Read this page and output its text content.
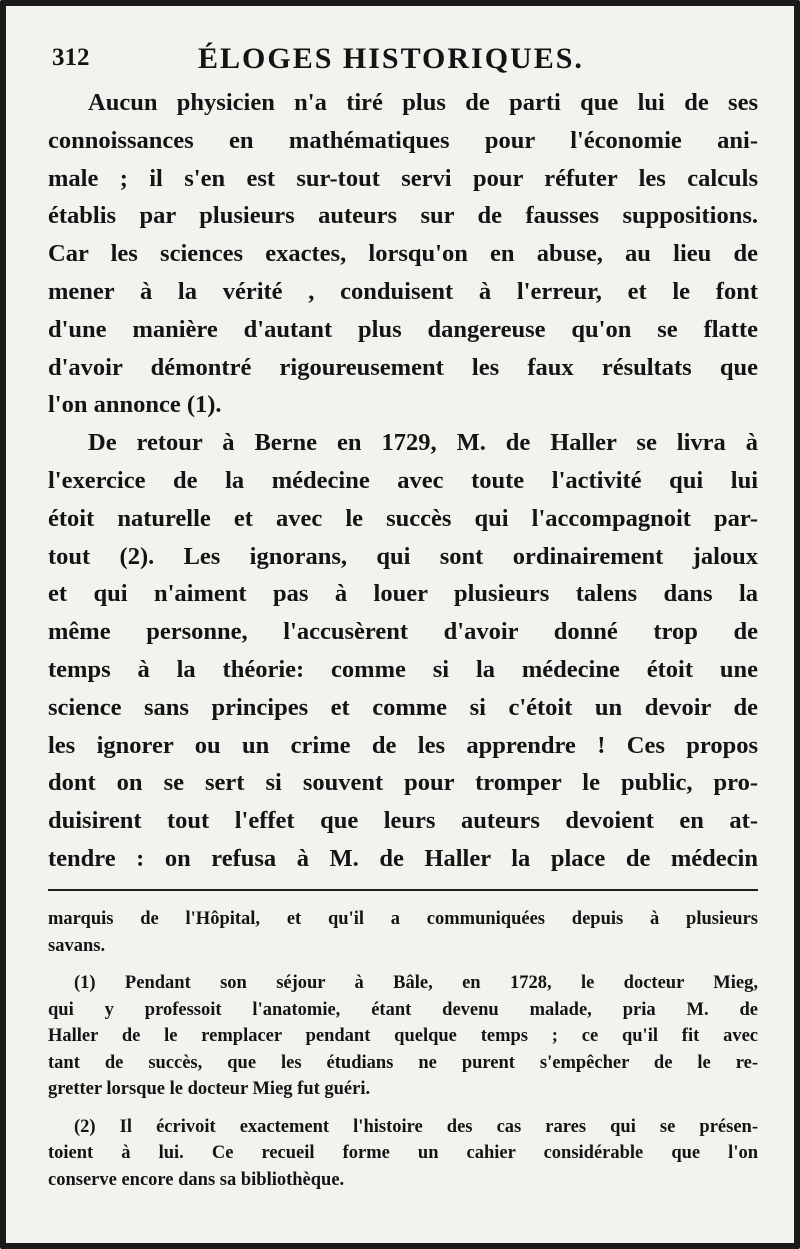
312	ÉLOGES HISTORIQUES.
Aucun physicien n'a tiré plus de parti que lui de ses
connoissances en mathématiques pour l'économie ani-
male ; il s'en est sur-tout servi pour réfuter les calculs
établis par plusieurs auteurs sur de fausses suppositions.
Car les sciences exactes, lorsqu'on en abuse, au lieu de
mener à la vérité , conduisent à l'erreur, et le font
d'une manière d'autant plus dangereuse qu'on se flatte
d'avoir démontré rigoureusement les faux résultats que
l'on annonce (1).
De retour à Berne en 1729, M. de Haller se livra à
l'exercice de la médecine avec toute l'activité qui lui
étoit naturelle et avec le succès qui l'accompagnoit par-
tout (2). Les ignorans, qui sont ordinairement jaloux
et qui n'aiment pas à louer plusieurs talens dans la
même personne, l'accusèrent d'avoir donné trop de
temps à la théorie: comme si la médecine étoit une
science sans principes et comme si c'étoit un devoir de
les ignorer ou un crime de les apprendre ! Ces propos
dont on se sert si souvent pour tromper le public, pro-
duisirent tout l'effet que leurs auteurs devoient en at-
tendre : on refusa à M. de Haller la place de médecin
marquis de l'Hôpital, et qu'il a communiquées depuis à plusieurs
savans.
(1) Pendant son séjour à Bâle, en 1728, le docteur Mieg,
qui y professoit l'anatomie, étant devenu malade, pria M. de
Haller de le remplacer pendant quelque temps ; ce qu'il fit avec
tant de succès, que les étudians ne purent s'empêcher de le re-
gretter lorsque le docteur Mieg fut guéri.
(2) Il écrivoit exactement l'histoire des cas rares qui se présen-
toient à lui. Ce recueil forme un cahier considérable que l'on
conserve encore dans sa bibliothèque.
